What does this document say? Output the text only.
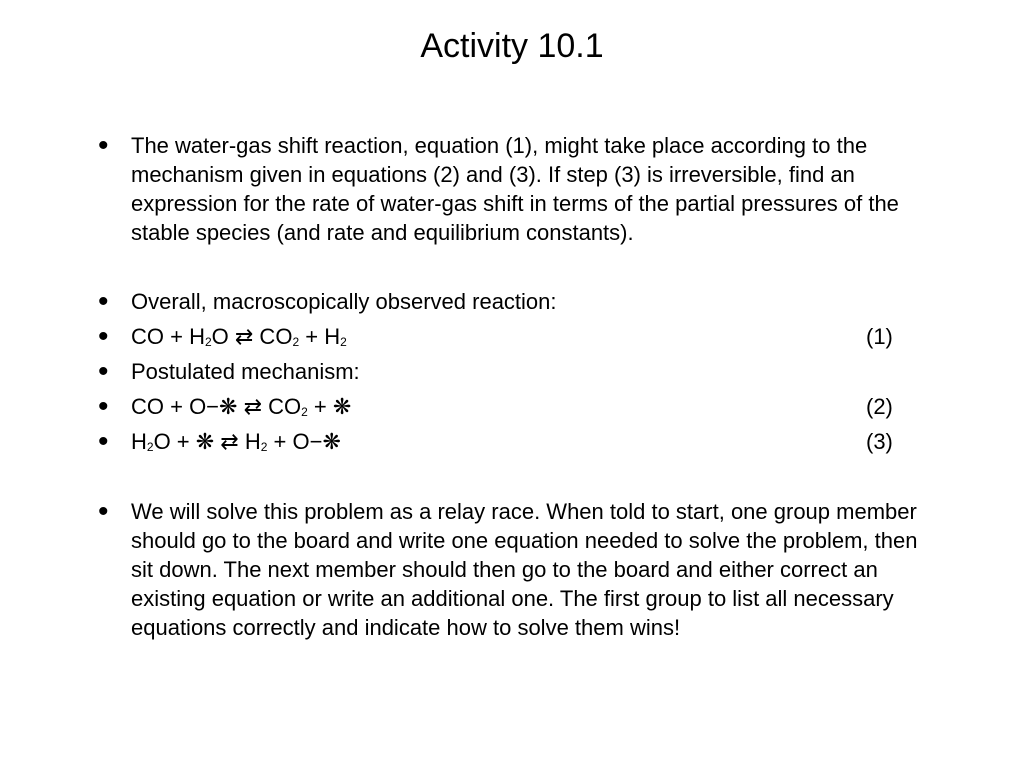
Activity 10.1
• The water-gas shift reaction, equation (1), might take place according to the mechanism given in equations (2) and (3). If step (3) is irreversible, find an expression for the rate of water-gas shift in terms of the partial pressures of the stable species (and rate and equilibrium constants).
• Overall, macroscopically observed reaction:
• CO + $H_2O$ ⇄ $CO_2 + H_2$	(1)
• Postulated mechanism:
• CO + O−❋ ⇄ $CO_2$ + ❋	(2)
• $H_2O$ + ❋ ⇄ $H_2$ + O−❋	(3)
• We will solve this problem as a relay race. When told to start, one group member should go to the board and write one equation needed to solve the problem, then sit down. The next member should then go to the board and either correct an existing equation or write an additional one. The first group to list all necessary equations correctly and indicate how to solve them wins!
